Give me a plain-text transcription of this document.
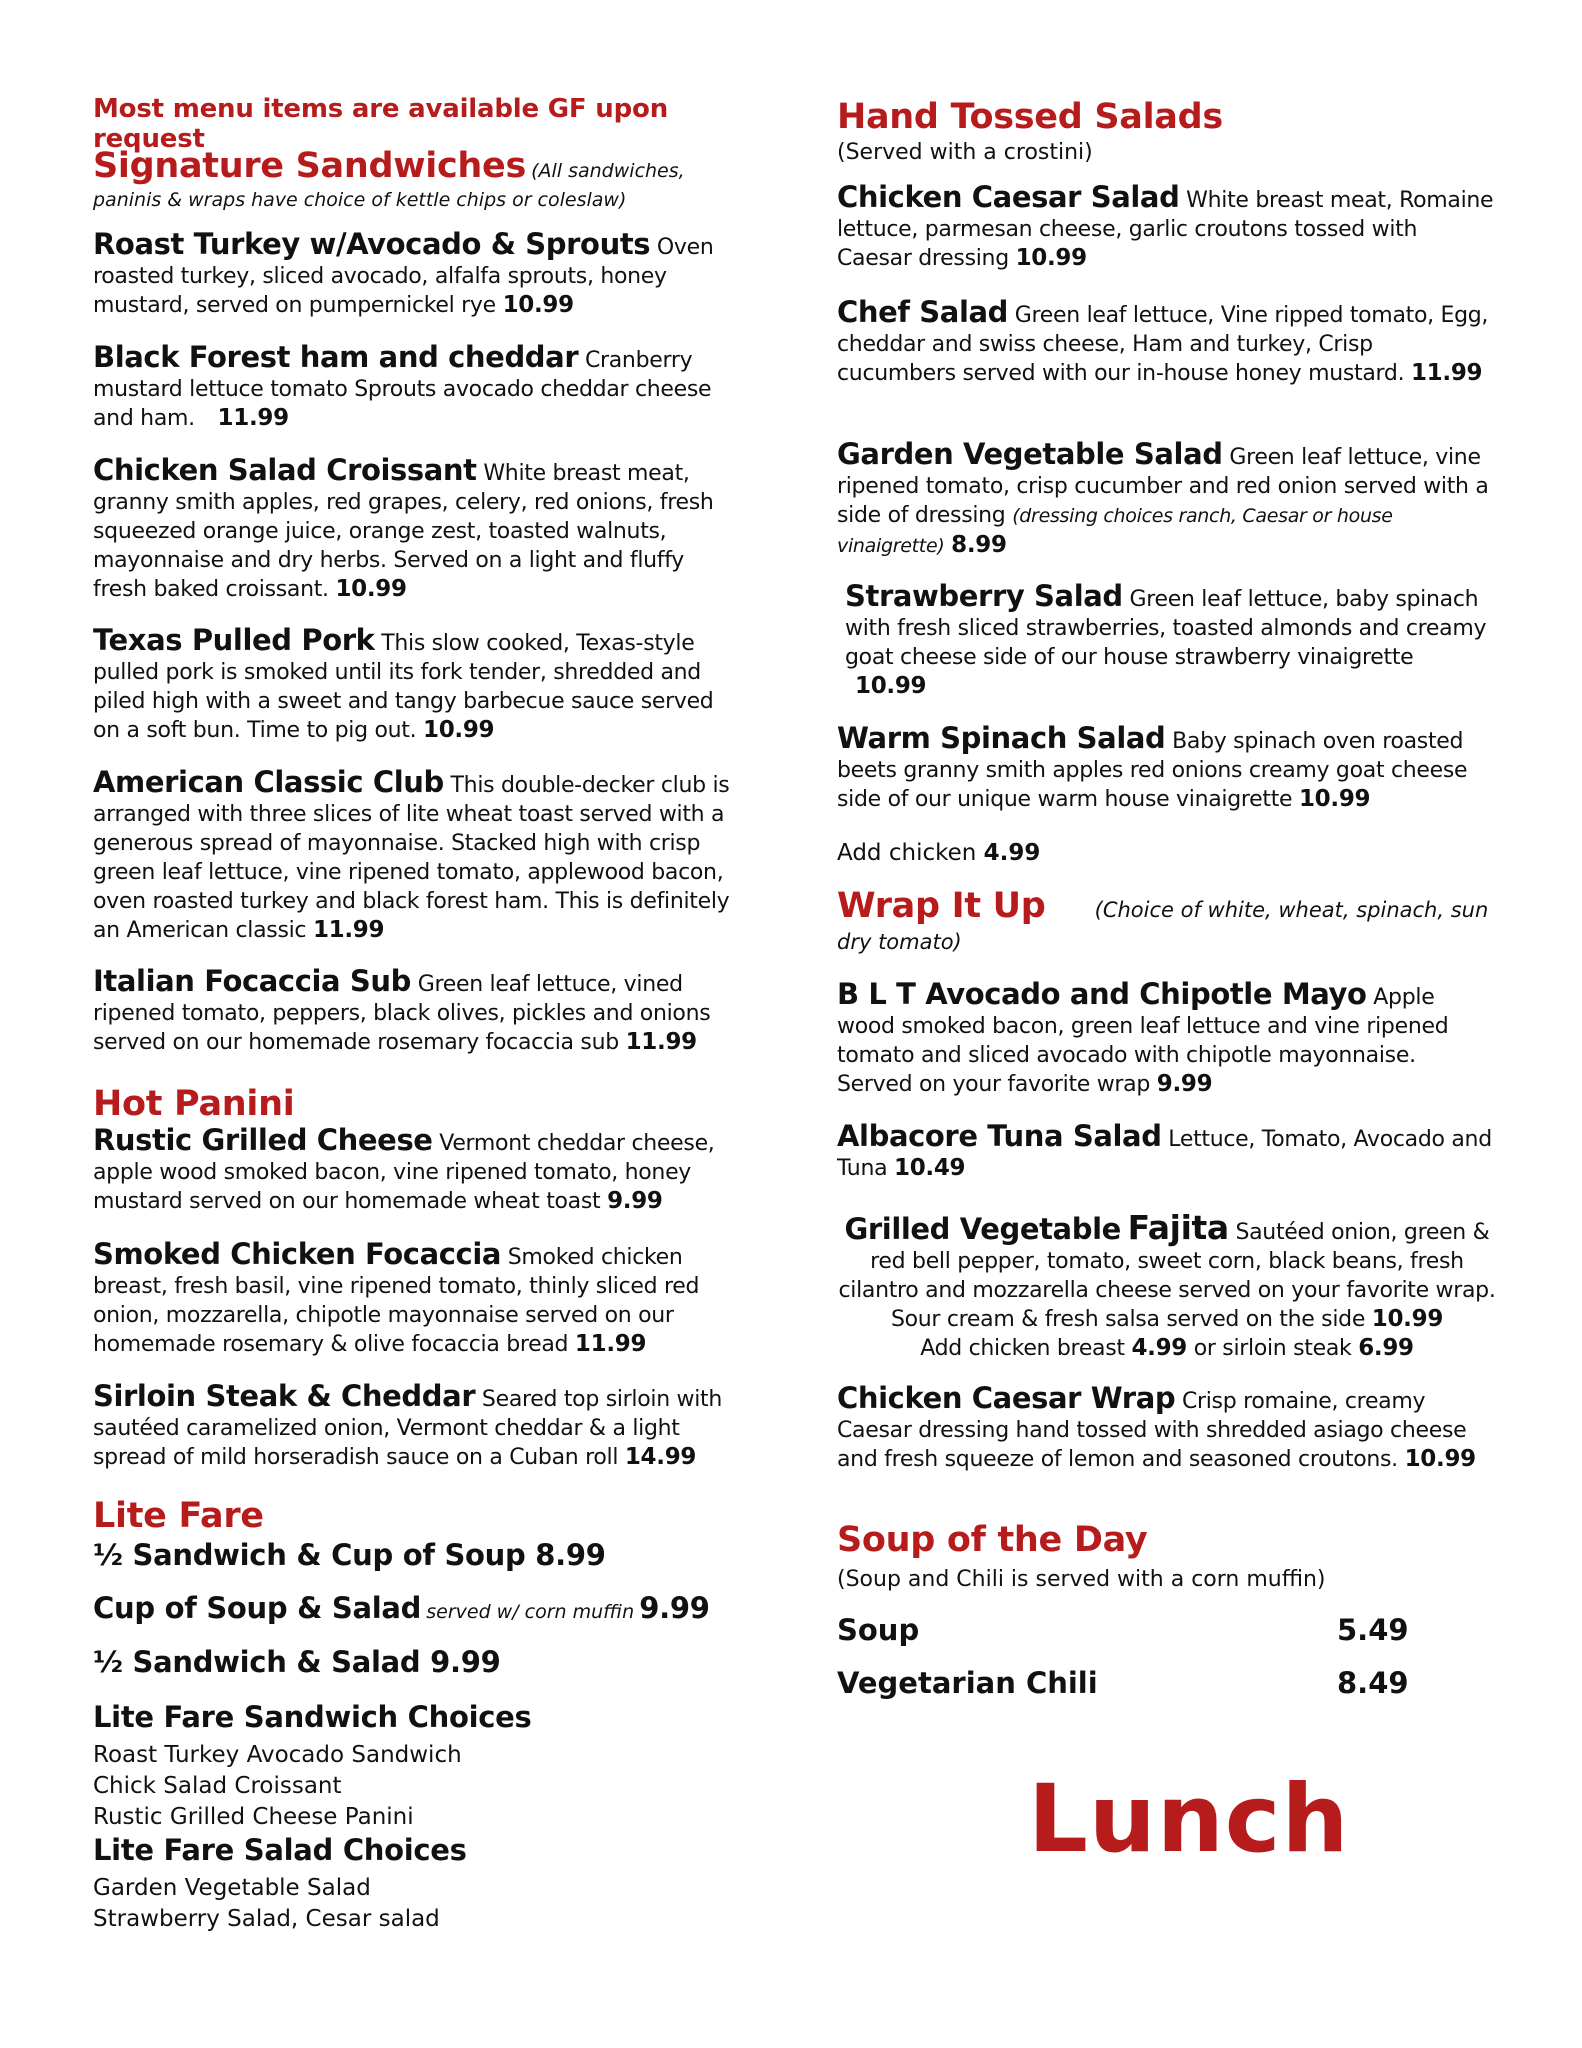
Most menu items are available GF upon request
Signature Sandwiches (All sandwiches, paninis & wraps have choice of kettle chips or coleslaw)
Roast Turkey w/Avocado & Sprouts Oven roasted turkey, sliced avocado, alfalfa sprouts, honey mustard, served on pumpernickel rye 10.99
Black Forest ham and cheddar Cranberry mustard lettuce tomato Sprouts avocado cheddar cheese and ham. 11.99
Chicken Salad Croissant White breast meat, granny smith apples, red grapes, celery, red onions, fresh squeezed orange juice, orange zest, toasted walnuts, mayonnaise and dry herbs. Served on a light and fluffy fresh baked croissant. 10.99
Texas Pulled Pork This slow cooked, Texas-style pulled pork is smoked until its fork tender, shredded and piled high with a sweet and tangy barbecue sauce served on a soft bun. Time to pig out. 10.99
American Classic Club This double-decker club is arranged with three slices of lite wheat toast served with a generous spread of mayonnaise. Stacked high with crisp green leaf lettuce, vine ripened tomato, applewood bacon, oven roasted turkey and black forest ham. This is definitely an American classic 11.99
Italian Focaccia Sub Green leaf lettuce, vined ripened tomato, peppers, black olives, pickles and onions served on our homemade rosemary focaccia sub 11.99
Hot Panini
Rustic Grilled Cheese Vermont cheddar cheese, apple wood smoked bacon, vine ripened tomato, honey mustard served on our homemade wheat toast 9.99
Smoked Chicken Focaccia Smoked chicken breast, fresh basil, vine ripened tomato, thinly sliced red onion, mozzarella, chipotle mayonnaise served on our homemade rosemary & olive focaccia bread 11.99
Sirloin Steak & Cheddar Seared top sirloin with sautéed caramelized onion, Vermont cheddar & a light spread of mild horseradish sauce on a Cuban roll 14.99
Lite Fare
½ Sandwich & Cup of Soup 8.99
Cup of Soup & Salad served w/ corn muffin 9.99
½ Sandwich & Salad 9.99
Lite Fare Sandwich Choices
Roast Turkey Avocado Sandwich
Chick Salad Croissant
Rustic Grilled Cheese Panini
Lite Fare Salad Choices
Garden Vegetable Salad
Strawberry Salad, Cesar salad
Hand Tossed Salads
(Served with a crostini)
Chicken Caesar Salad White breast meat, Romaine lettuce, parmesan cheese, garlic croutons tossed with Caesar dressing 10.99
Chef Salad Green leaf lettuce, Vine ripped tomato, Egg, cheddar and swiss cheese, Ham and turkey, Crisp cucumbers served with our in-house honey mustard. 11.99
Garden Vegetable Salad Green leaf lettuce, vine ripened tomato, crisp cucumber and red onion served with a side of dressing (dressing choices ranch, Caesar or house vinaigrette) 8.99
Strawberry Salad Green leaf lettuce, baby spinach with fresh sliced strawberries, toasted almonds and creamy goat cheese side of our house strawberry vinaigrette 10.99
Warm Spinach Salad Baby spinach oven roasted beets granny smith apples red onions creamy goat cheese side of our unique warm house vinaigrette 10.99
Add chicken 4.99
Wrap It Up (Choice of white, wheat, spinach, sun dry tomato)
B L T Avocado and Chipotle Mayo Apple wood smoked bacon, green leaf lettuce and vine ripened tomato and sliced avocado with chipotle mayonnaise. Served on your favorite wrap 9.99
Albacore Tuna Salad Lettuce, Tomato, Avocado and Tuna 10.49
Grilled Vegetable Fajita Sautéed onion, green & red bell pepper, tomato, sweet corn, black beans, fresh cilantro and mozzarella cheese served on your favorite wrap. Sour cream & fresh salsa served on the side 10.99
Add chicken breast 4.99 or sirloin steak 6.99
Chicken Caesar Wrap Crisp romaine, creamy Caesar dressing hand tossed with shredded asiago cheese and fresh squeeze of lemon and seasoned croutons. 10.99
Soup of the Day
(Soup and Chili is served with a corn muffin)
Soup	5.49
Vegetarian Chili	8.49
Lunch
